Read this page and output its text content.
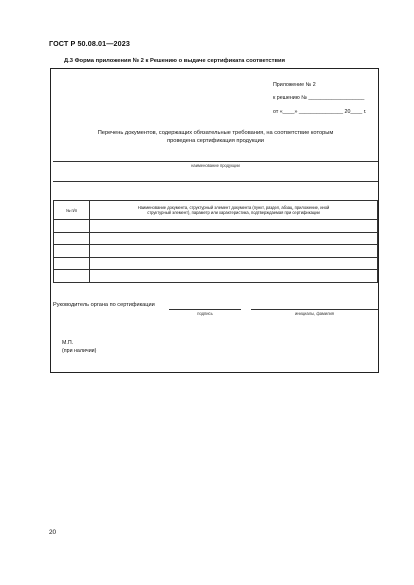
ГОСТ Р 50.08.01—2023
Д.3 Форма приложения № 2 к Решению о выдаче сертификата соответствия
Приложение № 2
к решению № ___________________
от «____» _______________ 20____ г.
Перечень документов, содержащих обязательные требования, на соответствие которым
проведена сертификация продукции
наименование продукции
№ п/п	Наименование документа, структурный элемент документа (пункт, раздел, абзац, приложение, иной
структурный элемент), параметр или характеристика, подтверждаемая при сертификации

Руководитель органа по сертификации
подпись	инициалы, фамилия
М.П.
(при наличии)
20
